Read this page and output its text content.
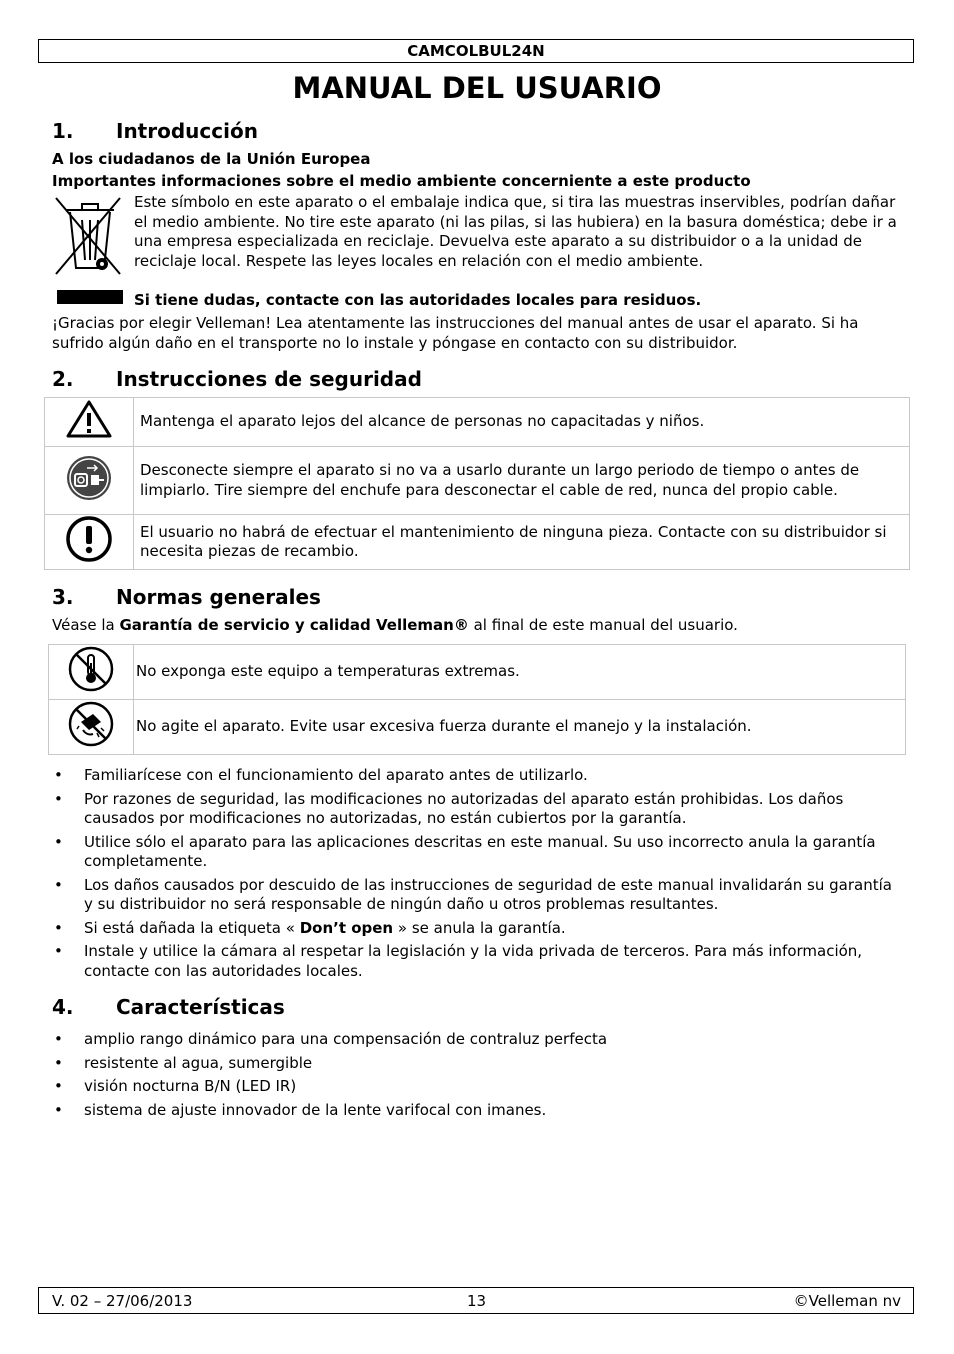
CAMCOLBUL24N
MANUAL DEL USUARIO
1. Introducción
A los ciudadanos de la Unión Europea
Importantes informaciones sobre el medio ambiente concerniente a este producto
Este símbolo en este aparato o el embalaje indica que, si tira las muestras inservibles, podrían dañar el medio ambiente. No tire este aparato (ni las pilas, si las hubiera) en la basura doméstica; debe ir a una empresa especializada en reciclaje. Devuelva este aparato a su distribuidor o a la unidad de reciclaje local. Respete las leyes locales en relación con el medio ambiente.
Si tiene dudas, contacte con las autoridades locales para residuos.
¡Gracias por elegir Velleman! Lea atentamente las instrucciones del manual antes de usar el aparato. Si ha sufrido algún daño en el transporte no lo instale y póngase en contacto con su distribuidor.
2. Instrucciones de seguridad
	Mantenga el aparato lejos del alcance de personas no capacitadas y niños.
	Desconecte siempre el aparato si no va a usarlo durante un largo periodo de tiempo o antes de limpiarlo. Tire siempre del enchufe para desconectar el cable de red, nunca del propio cable.
	El usuario no habrá de efectuar el mantenimiento de ninguna pieza. Contacte con su distribuidor si necesita piezas de recambio.
3. Normas generales
Véase la Garantía de servicio y calidad Velleman® al final de este manual del usuario.
	No exponga este equipo a temperaturas extremas.
	No agite el aparato. Evite usar excesiva fuerza durante el manejo y la instalación.
• Familiarícese con el funcionamiento del aparato antes de utilizarlo.
• Por razones de seguridad, las modificaciones no autorizadas del aparato están prohibidas. Los daños causados por modificaciones no autorizadas, no están cubiertos por la garantía.
• Utilice sólo el aparato para las aplicaciones descritas en este manual. Su uso incorrecto anula la garantía completamente.
• Los daños causados por descuido de las instrucciones de seguridad de este manual invalidarán su garantía y su distribuidor no será responsable de ningún daño u otros problemas resultantes.
• Si está dañada la etiqueta « Don’t open » se anula la garantía.
• Instale y utilice la cámara al respetar la legislación y la vida privada de terceros. Para más información, contacte con las autoridades locales.
4. Características
• amplio rango dinámico para una compensación de contraluz perfecta
• resistente al agua, sumergible
• visión nocturna B/N (LED IR)
• sistema de ajuste innovador de la lente varifocal con imanes.
V. 02 – 27/06/2013	13	©Velleman nv
